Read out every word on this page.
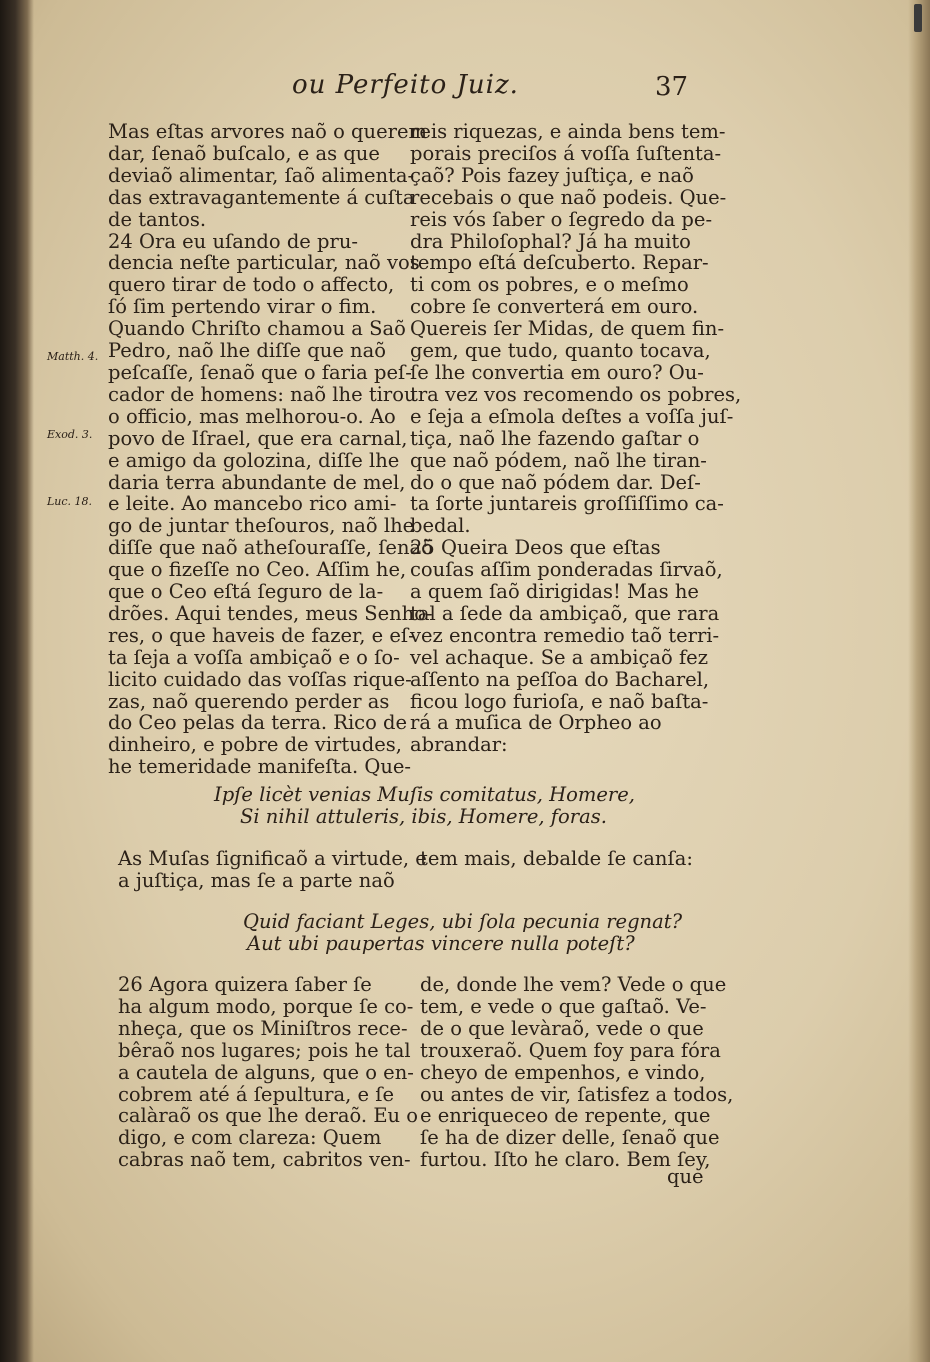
ou Perfeito Juiz.	37
Matth. 4.
Exod. 3.
Luc. 18.

Mas eſtas arvores naõ o querem

dar, ſenaõ buſcalo, e as que

deviaõ alimentar, ſaõ alimenta-

das extravagantemente á cuſta

de tantos.

24 Ora eu uſando de pru-

dencia neſte particular, naõ vos

quero tirar de todo o affecto,

ſó ſim pertendo virar o fim.

Quando Chriſto chamou a Saõ

Pedro, naõ lhe diſſe que naõ

peſcaſſe, ſenaõ que o faria peſ-

cador de homens: naõ lhe tirou

o officio, mas melhorou-o. Ao

povo de Iſrael, que era carnal,

e amigo da golozina, diſſe lhe

daria terra abundante de mel,

e leite. Ao mancebo rico ami-

go de juntar theſouros, naõ lhe

diſſe que naõ atheſouraſſe, ſenaõ

que o fizeſſe no Ceo. Aſſim he,

que o Ceo eſtá ſeguro de la-

drões. Aqui tendes, meus Senho-

res, o que haveis de fazer, e eſ-

ta ſeja a voſſa ambiçaõ e o ſo-

licito cuidado das voſſas rique-

zas, naõ querendo perder as

do Ceo pelas da terra. Rico de

dinheiro, e pobre de virtudes,

he temeridade manifeſta. Que-

reis riquezas, e ainda bens tem-

porais preciſos á voſſa ſuſtenta-

çaõ? Pois fazey juſtiça, e naõ

recebais o que naõ podeis. Que-

reis vós ſaber o ſegredo da pe-

dra Philoſophal? Já ha muito

tempo eſtá deſcuberto. Repar-

ti com os pobres, e o meſmo

cobre ſe converterá em ouro.

Quereis ſer Midas, de quem fin-

gem, que tudo, quanto tocava,

ſe lhe convertia em ouro? Ou-

tra vez vos recomendo os pobres,

e ſeja a eſmola deſtes a voſſa juſ-

tiça, naõ lhe fazendo gaſtar o

que naõ pódem, naõ lhe tiran-

do o que naõ pódem dar. Deſ-

ta ſorte juntareis groſſiſſimo ca-

bedal.

25 Queira Deos que eſtas

couſas aſſim ponderadas ſirvaõ,

a quem ſaõ dirigidas! Mas he

tal a ſede da ambiçaõ, que rara

vez encontra remedio taõ terri-

vel achaque. Se a ambiçaõ fez

aſſento na peſſoa do Bacharel,

ficou logo furioſa, e naõ baſta-

rá a muſica de Orpheo ao

abrandar:

Ipſe licèt venias Muſis comitatus, Homere,

Si nihil attuleris, ibis, Homere, foras.

As Muſas ſignificaõ a virtude, e

a juſtiça, mas ſe a parte naõ

tem mais, debalde ſe canſa:

Quid faciant Leges, ubi ſola pecunia regnat?

Aut ubi paupertas vincere nulla poteſt?

26 Agora quizera ſaber ſe

ha algum modo, porque ſe co-

nheça, que os Miniſtros rece-

bêraõ nos lugares; pois he tal

a cautela de alguns, que o en-

cobrem até á ſepultura, e ſe

calàraõ os que lhe deraõ. Eu o

digo, e com clareza: Quem

cabras naõ tem, cabritos ven-

de, donde lhe vem? Vede o que

tem, e vede o que gaſtaõ. Ve-

de o que levàraõ, vede o que

trouxeraõ. Quem foy para fóra

cheyo de empenhos, e vindo,

ou antes de vir, ſatisfez a todos,

e enriqueceo de repente, que

ſe ha de dizer delle, ſenaõ que

furtou. Iſto he claro. Bem ſey,

que
